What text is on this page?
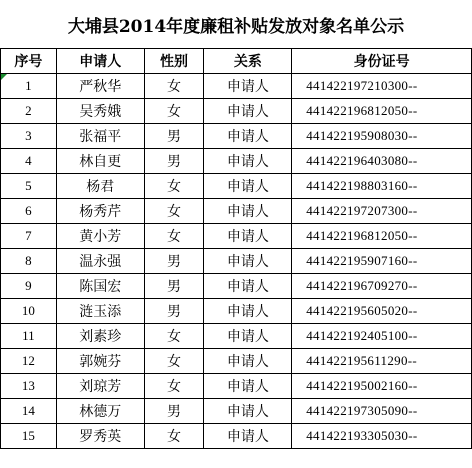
大埔县2014年度廉租补贴发放对象名单公示
序号	申请人	性别	关系	身份证号

1	严秋华	女	申请人	441422197210300--
2	吴秀娥	女	申请人	441422196812050--
3	张福平	男	申请人	441422195908030--
4	林自更	男	申请人	441422196403080--
5	杨君	女	申请人	441422198803160--
6	杨秀芹	女	申请人	441422197207300--
7	黄小芳	女	申请人	441422196812050--
8	温永强	男	申请人	441422195907160--
9	陈国宏	男	申请人	441422196709270--
10	涟玉添	男	申请人	441422195605020--
11	刘素珍	女	申请人	441422192405100--
12	郭婉芬	女	申请人	441422195611290--
13	刘琼芳	女	申请人	441422195002160--
14	林德万	男	申请人	441422197305090--
15	罗秀英	女	申请人	441422193305030--
